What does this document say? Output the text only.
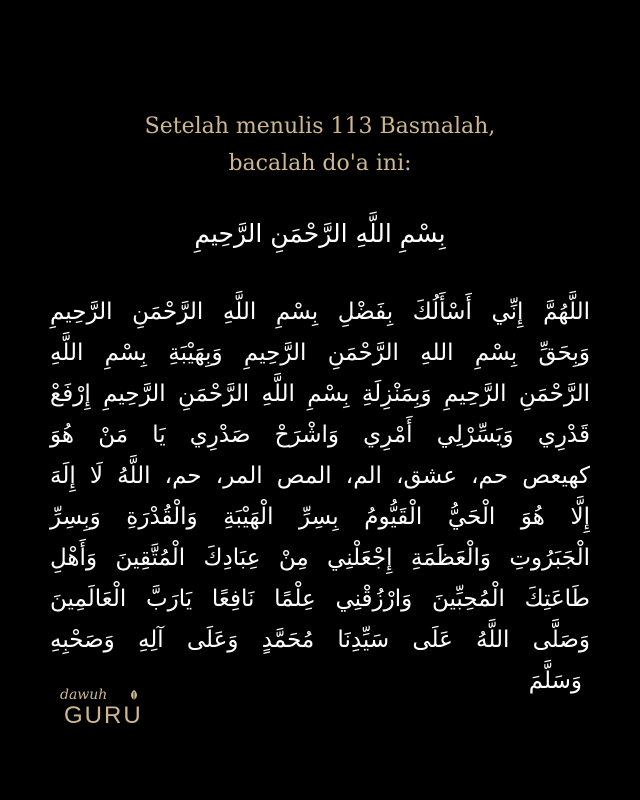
Setelah menulis 113 Basmalah,
bacalah do'a ini:
بِسْمِ اللَّهِ الرَّحْمَنِ الرَّحِيمِ
اللَّهُمَّ إِنِّي أَسْأَلُكَ بِفَضْلِ بِسْمِ اللَّهِ الرَّحْمَنِ الرَّحِيمِ
وَبِحَقِّ بِسْمِ اللهِ الرَّحْمَنِ الرَّحِيمِ وَبِهَيْبَةِ بِسْمِ اللَّهِ
الرَّحْمَنِ الرَّحِيمِ وَبِمَنْزِلَةِ بِسْمِ اللَّهِ الرَّحْمَنِ الرَّحِيمِ إِرْفَعْ
قَدْرِي وَيَسِّرْلِي أَمْرِي وَاشْرَحْ صَدْرِي يَا مَنْ هُوَ
كهيعص حم، عشق، الم، المص المر، حم، اللَّهُ لَا إِلَهَ
إِلَّا هُوَ الْحَيُّ الْقَيُّومُ بِسِرِّ الْهَيْبَةِ وَالْقُدْرَةِ وَبِسِرِّ
الْجَبَرُوتِ وَالْعَظَمَةِ إِجْعَلْنِي مِنْ عِبَادِكَ الْمُتَّقِينَ وَأَهْلِ
طَاعَتِكَ الْمُحِبِّينَ وَارْزُقْنِي عِلْمًا نَافِعًا يَارَبَّ الْعَالَمِينَ
وَصَلَّى اللَّهُ عَلَى سَيِّدِنَا مُحَمَّدٍ وَعَلَى آلِهِ وَصَحْبِهِ
وَسَلَّمَ
dawuh
GURU
